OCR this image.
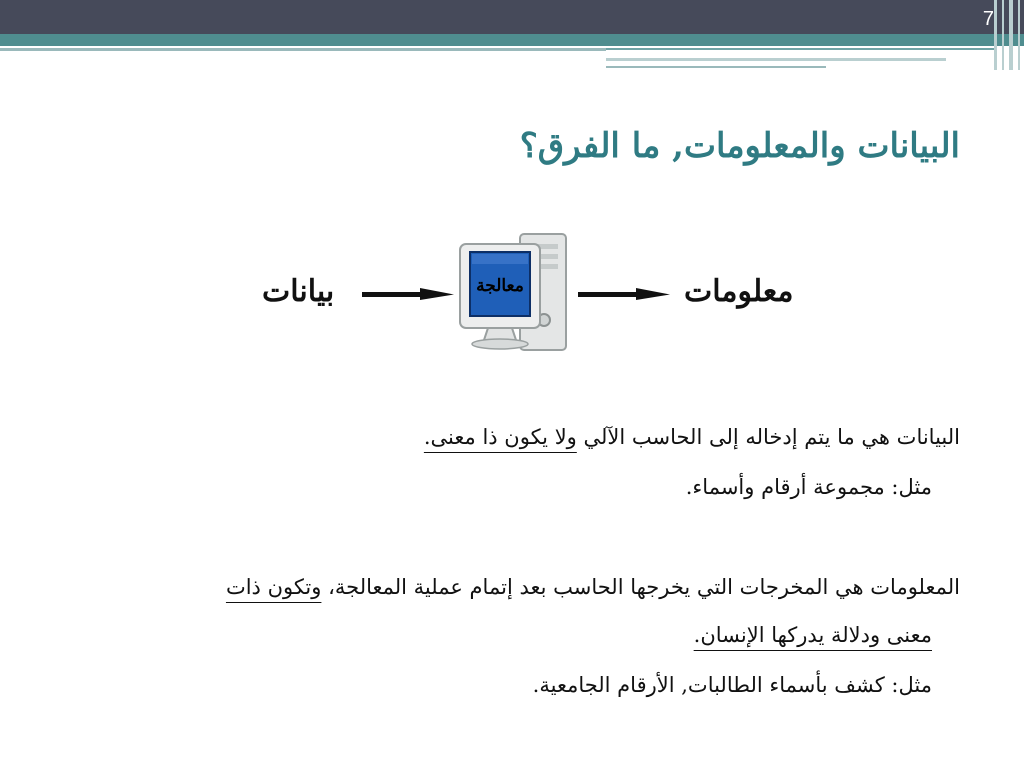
7
البيانات والمعلومات, ما الفرق؟
بيانات	معالجة	معلومات
البيانات هي ما يتم إدخاله إلى الحاسب الآلي ولا يكون ذا معنى.
مثل: مجموعة أرقام وأسماء.
المعلومات هي المخرجات التي يخرجها الحاسب بعد إتمام عملية المعالجة، وتكون ذات
معنى ودلالة يدركها الإنسان.
مثل: كشف بأسماء الطالبات, الأرقام الجامعية.
